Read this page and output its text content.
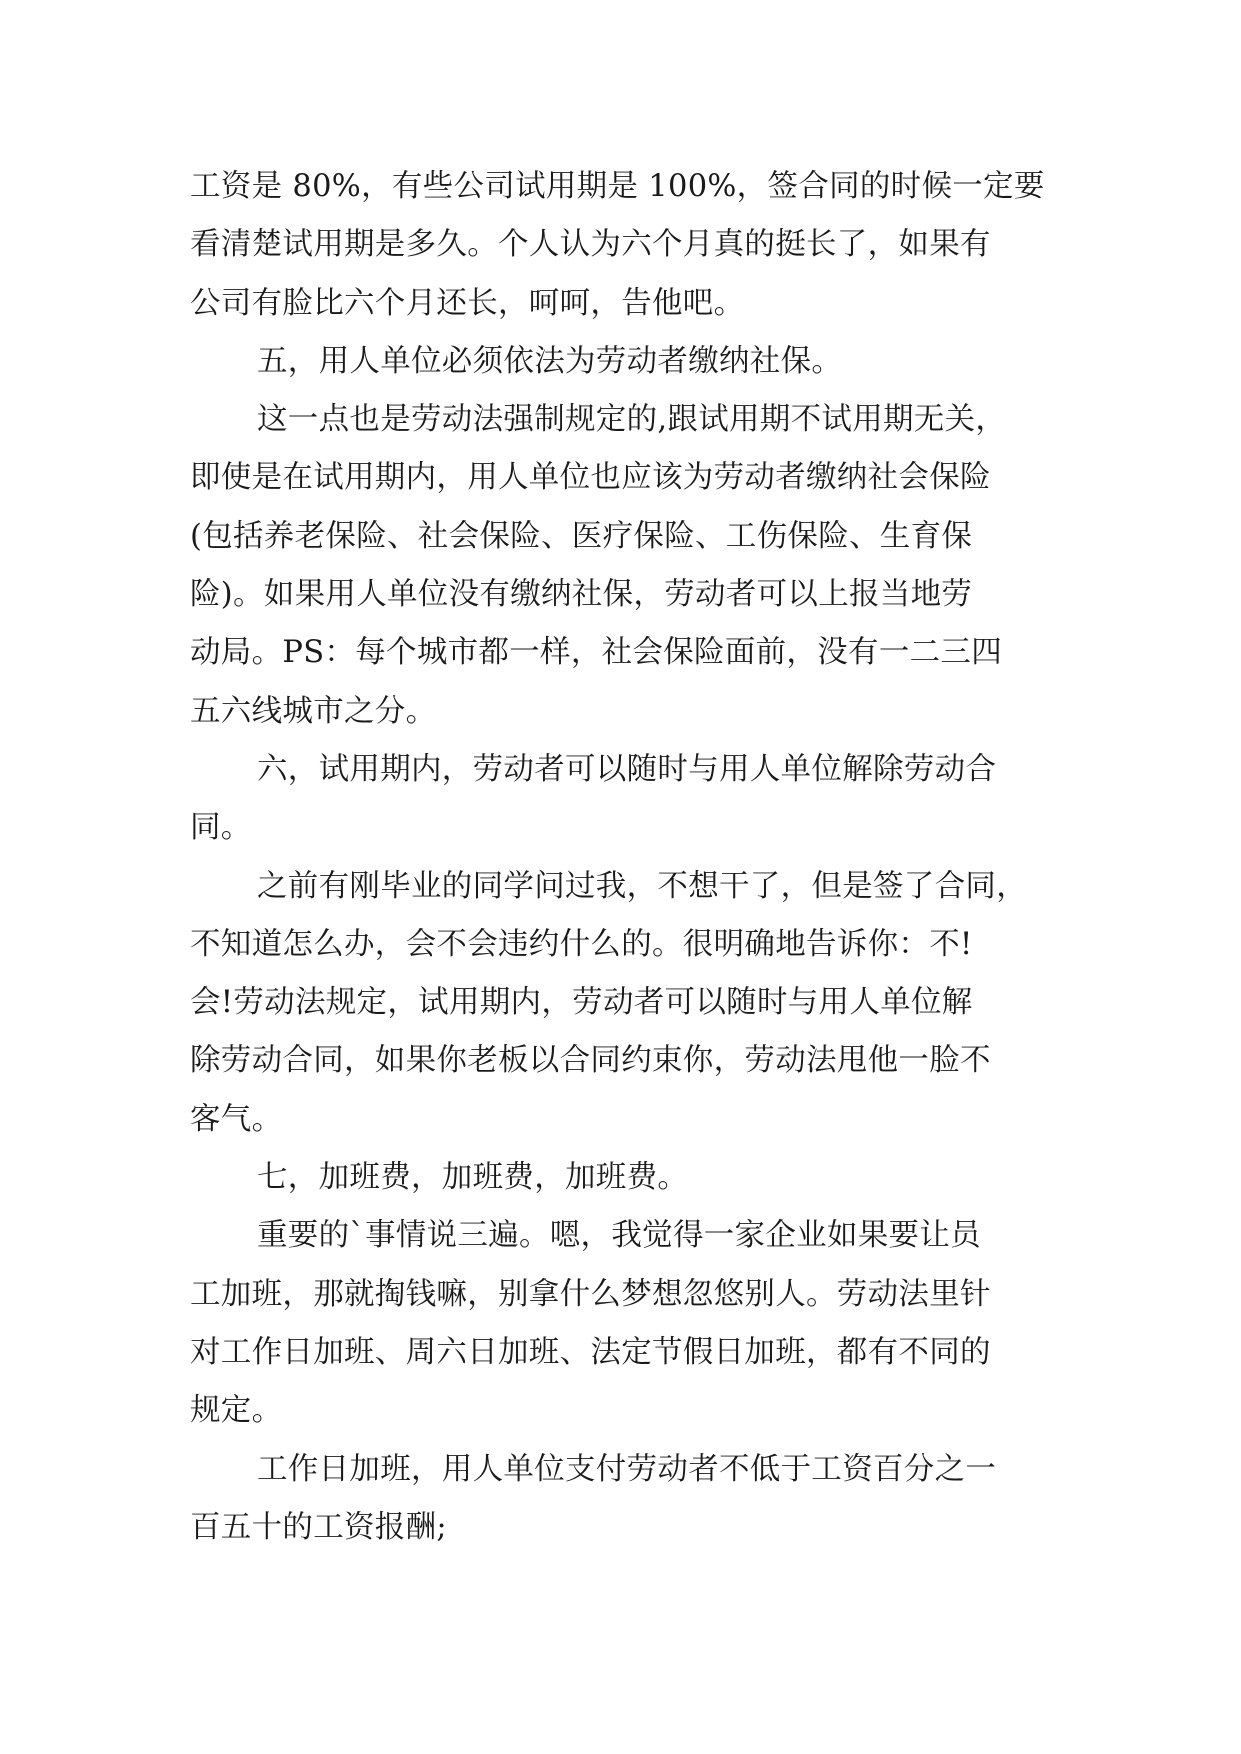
工资是 80%，有些公司试用期是 100%，签合同的时候一定要
看清楚试用期是多久。个人认为六个月真的挺长了，如果有
公司有脸比六个月还长，呵呵，告他吧。
五，用人单位必须依法为劳动者缴纳社保。
这一点也是劳动法强制规定的,跟试用期不试用期无关，
即使是在试用期内，用人单位也应该为劳动者缴纳社会保险
(包括养老保险、社会保险、医疗保险、工伤保险、生育保
险)。如果用人单位没有缴纳社保，劳动者可以上报当地劳
动局。PS：每个城市都一样，社会保险面前，没有一二三四
五六线城市之分。
六，试用期内，劳动者可以随时与用人单位解除劳动合
同。
之前有刚毕业的同学问过我，不想干了，但是签了合同，
不知道怎么办，会不会违约什么的。很明确地告诉你：不!
会!劳动法规定，试用期内，劳动者可以随时与用人单位解
除劳动合同，如果你老板以合同约束你，劳动法甩他一脸不
客气。
七，加班费，加班费，加班费。
重要的`事情说三遍。嗯，我觉得一家企业如果要让员
工加班，那就掏钱嘛，别拿什么梦想忽悠别人。劳动法里针
对工作日加班、周六日加班、法定节假日加班，都有不同的
规定。
工作日加班，用人单位支付劳动者不低于工资百分之一
百五十的工资报酬;
